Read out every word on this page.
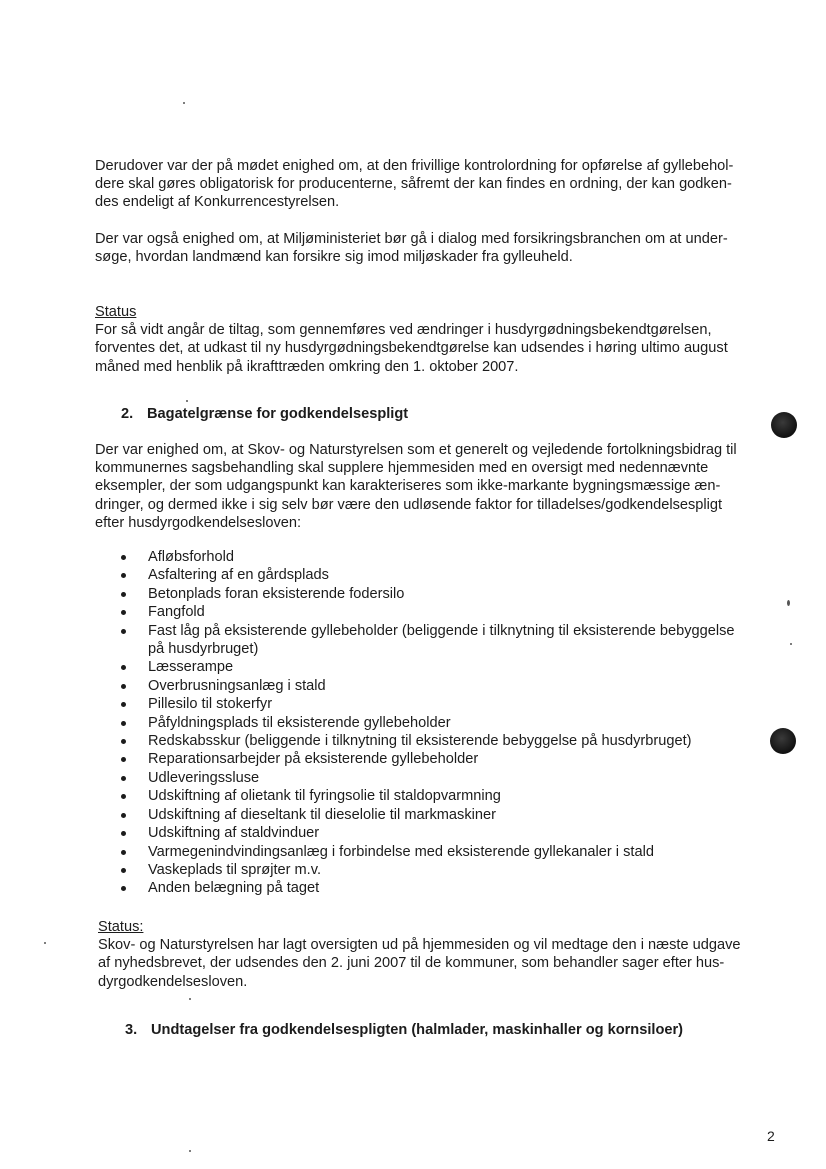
Derudover var der på mødet enighed om, at den frivillige kontrolordning for opførelse af gyllebehol-
dere skal gøres obligatorisk for producenterne, såfremt der kan findes en ordning, der kan godken-
des endeligt af Konkurrencestyrelsen.
Der var også enighed om, at Miljøministeriet bør gå i dialog med forsikringsbranchen om at under-
søge, hvordan landmænd kan forsikre sig imod miljøskader fra gylleuheld.
Status
For så vidt angår de tiltag, som gennemføres ved ændringer i husdyrgødningsbekendtgørelsen,
forventes det, at udkast til ny husdyrgødningsbekendtgørelse kan udsendes i høring ultimo august
måned med henblik på ikrafttræden omkring den 1. oktober 2007.
2. Bagatelgrænse for godkendelsespligt
Der var enighed om, at Skov- og Naturstyrelsen som et generelt og vejledende fortolkningsbidrag til
kommunernes sagsbehandling skal supplere hjemmesiden med en oversigt med nedennævnte
eksempler, der som udgangspunkt kan karakteriseres som ikke-markante bygningsmæssige æn-
dringer, og dermed ikke i sig selv bør være den udløsende faktor for tilladelses/godkendelsespligt
efter husdyrgodkendelsesloven:
Afløbsforhold
Asfaltering af en gårdsplads
Betonplads foran eksisterende fodersilo
Fangfold
Fast låg på eksisterende gyllebeholder (beliggende i tilknytning til eksisterende bebyggelse
på husdyrbruget)
Læsserampe
Overbrusningsanlæg i stald
Pillesilo til stokerfyr
Påfyldningsplads til eksisterende gyllebeholder
Redskabsskur (beliggende i tilknytning til eksisterende bebyggelse på husdyrbruget)
Reparationsarbejder på eksisterende gyllebeholder
Udleveringssluse
Udskiftning af olietank til fyringsolie til staldopvarmning
Udskiftning af dieseltank til dieselolie til markmaskiner
Udskiftning af staldvinduer
Varmegenindvindingsanlæg i forbindelse med eksisterende gyllekanaler i stald
Vaskeplads til sprøjter m.v.
Anden belægning på taget
Status:
Skov- og Naturstyrelsen har lagt oversigten ud på hjemmesiden og vil medtage den i næste udgave
af nyhedsbrevet, der udsendes den 2. juni 2007 til de kommuner, som behandler sager efter hus-
dyrgodkendelsesloven.
3. Undtagelser fra godkendelsespligten (halmlader, maskinhaller og kornsiloer)
2
